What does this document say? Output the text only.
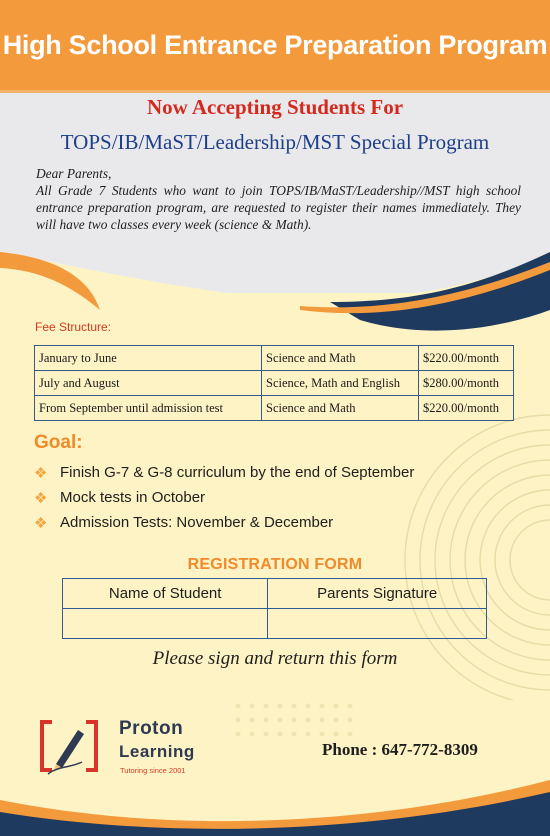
High School Entrance Preparation Program
Now Accepting Students For
TOPS/IB/MaST/Leadership/MST Special Program

Dear Parents,

All Grade 7 Students who want to join TOPS/IB/MaST/Leadership//MST high school entrance preparation program, are requested to register their names immediately. They will have two classes every week (science & Math).

Fee Structure:
January to June	Science and Math	$220.00/month
July and August	Science, Math and English	$280.00/month
From September until admission test	Science and Math	$220.00/month
Goal:
❖ Finish G-7 & G-8 curriculum by the end of September
❖ Mock tests in October
❖ Admission Tests: November & December
REGISTRATION FORM
Name of Student	Parents Signature

Please sign and return this form
Proton
Learning
Tutoring since 2001
Phone : 647-772-8309
